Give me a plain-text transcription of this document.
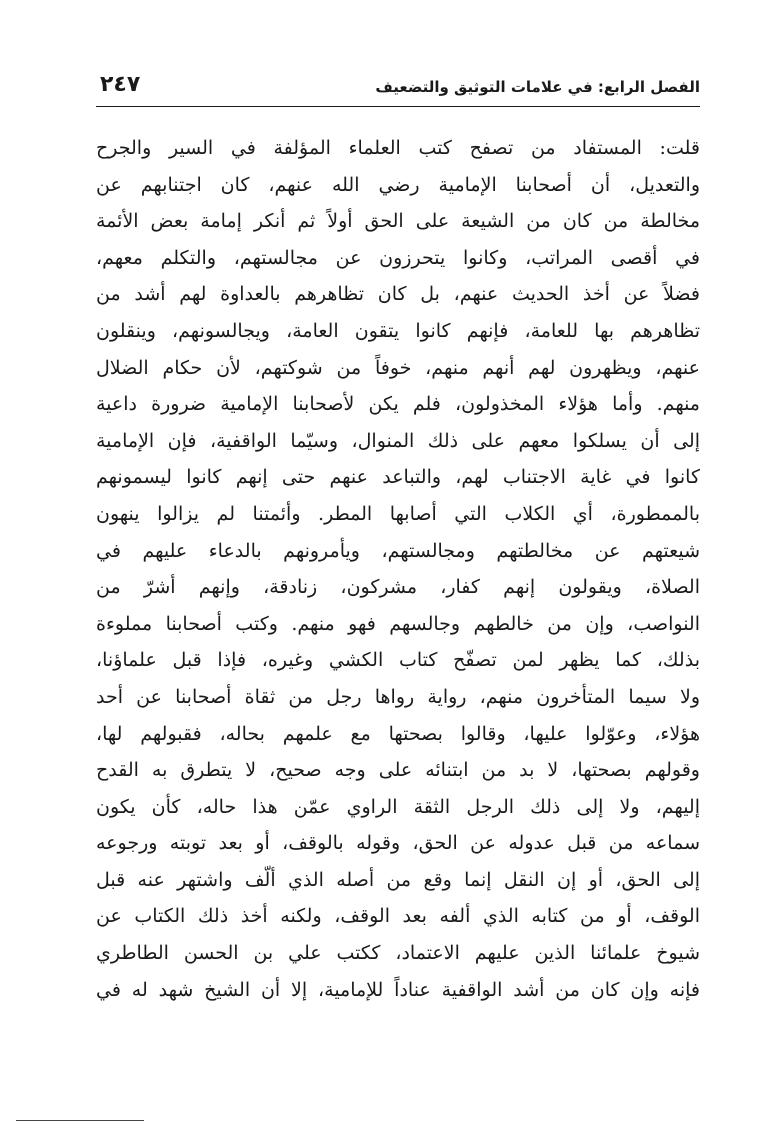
الفصل الرابع: في علامات التوثيق والتضعيف
٢٤٧
قلت: المستفاد من تصفح كتب العلماء المؤلفة في السير والجرح
والتعديل، أن أصحابنا الإمامية رضي الله عنهم، كان اجتنابهم عن
مخالطة من كان من الشيعة على الحق أولاً ثم أنكر إمامة بعض الأئمة
في أقصى المراتب، وكانوا يتحرزون عن مجالستهم، والتكلم معهم،
فضلاً عن أخذ الحديث عنهم، بل كان تظاهرهم بالعداوة لهم أشد من
تظاهرهم بها للعامة، فإنهم كانوا يتقون العامة، ويجالسونهم، وينقلون
عنهم، ويظهرون لهم أنهم منهم، خوفاً من شوكتهم، لأن حكام الضلال
منهم. وأما هؤلاء المخذولون، فلم يكن لأصحابنا الإمامية ضرورة داعية
إلى أن يسلكوا معهم على ذلك المنوال، وسيّما الواقفية، فإن الإمامية
كانوا في غاية الاجتناب لهم، والتباعد عنهم حتى إنهم كانوا ليسمونهم
بالممطورة، أي الكلاب التي أصابها المطر. وأئمتنا لم يزالوا ينهون
شيعتهم عن مخالطتهم ومجالستهم، ويأمرونهم بالدعاء عليهم في
الصلاة، ويقولون إنهم كفار، مشركون، زنادقة، وإنهم أشرّ من
النواصب، وإن من خالطهم وجالسهم فهو منهم. وكتب أصحابنا مملوءة
بذلك، كما يظهر لمن تصفّح كتاب الكشي وغيره، فإذا قبل علماؤنا،
ولا سيما المتأخرون منهم، رواية رواها رجل من ثقاة أصحابنا عن أحد
هؤلاء، وعوّلوا عليها، وقالوا بصحتها مع علمهم بحاله، فقبولهم لها،
وقولهم بصحتها، لا بد من ابتنائه على وجه صحيح، لا يتطرق به القدح
إليهم، ولا إلى ذلك الرجل الثقة الراوي عمّن هذا حاله، كأن يكون
سماعه من قبل عدوله عن الحق، وقوله بالوقف، أو بعد توبته ورجوعه
إلى الحق، أو إن النقل إنما وقع من أصله الذي ألّف واشتهر عنه قبل
الوقف، أو من كتابه الذي ألفه بعد الوقف، ولكنه أخذ ذلك الكتاب عن
شيوخ علمائنا الذين عليهم الاعتماد، ككتب علي بن الحسن الطاطري
فإنه وإن كان من أشد الواقفية عناداً للإمامية، إلا أن الشيخ شهد له في
